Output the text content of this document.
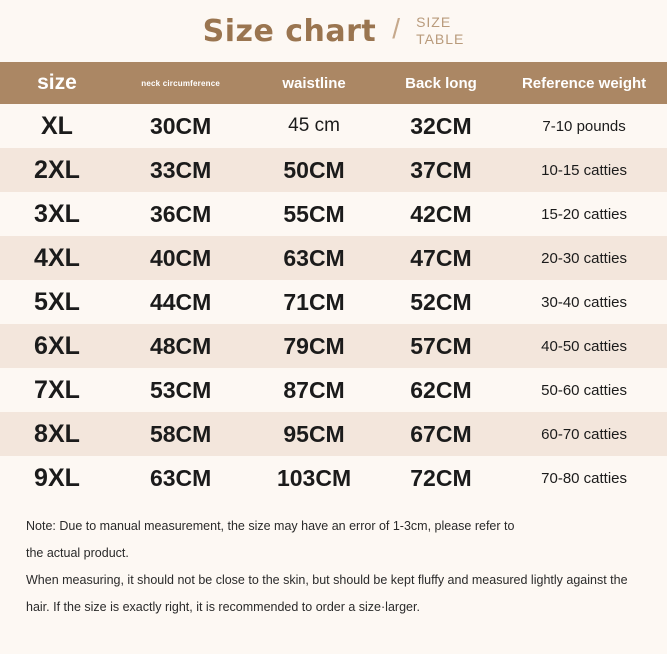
Size chart / SIZE
TABLE
size	neck circumference	waistline	Back long	Reference weight
XL	30CM	45 cm	32CM	7-10 pounds
2XL	33CM	50CM	37CM	10-15 catties
3XL	36CM	55CM	42CM	15-20 catties
4XL	40CM	63CM	47CM	20-30 catties
5XL	44CM	71CM	52CM	30-40 catties
6XL	48CM	79CM	57CM	40-50 catties
7XL	53CM	87CM	62CM	50-60 catties
8XL	58CM	95CM	67CM	60-70 catties
9XL	63CM	103CM	72CM	70-80 catties

Note: Due to manual measurement, the size may have an error of 1-3cm, please refer to

the actual product.

When measuring, it should not be close to the skin, but should be kept fluffy and measured lightly against the

hair. If the size is exactly right, it is recommended to order a size·larger.
